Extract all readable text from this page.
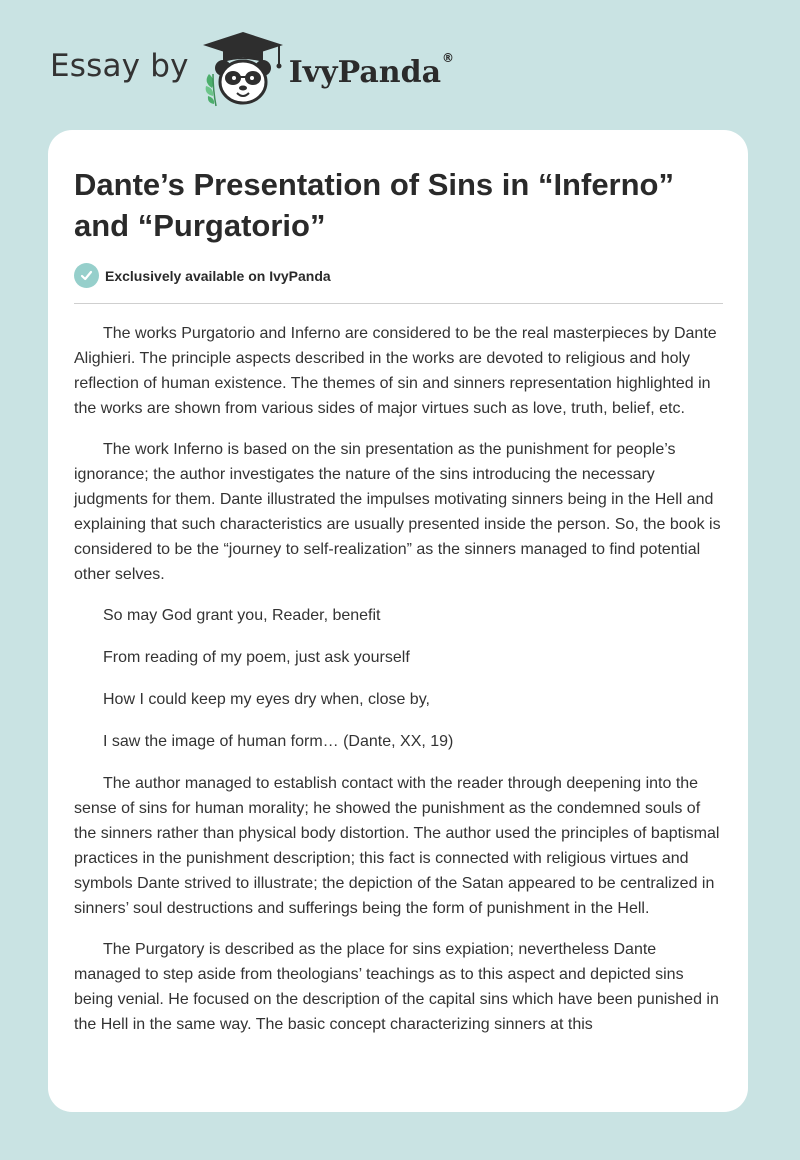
Essay by	IvyPanda®
Dante’s Presentation of Sins in “Inferno” and “Purgatorio”
Exclusively available on IvyPanda

The works Purgatorio and Inferno are considered to be the real masterpieces by Dante Alighieri. The principle aspects described in the works are devoted to religious and holy reflection of human existence. The themes of sin and sinners representation highlighted in the works are shown from various sides of major virtues such as love, truth, belief, etc.

The work Inferno is based on the sin presentation as the punishment for people’s ignorance; the author investigates the nature of the sins introducing the necessary judgments for them. Dante illustrated the impulses motivating sinners being in the Hell and explaining that such characteristics are usually presented inside the person. So, the book is considered to be the “journey to self-realization” as the sinners managed to find potential other selves.

So may God grant you, Reader, benefit

From reading of my poem, just ask yourself

How I could keep my eyes dry when, close by,

I saw the image of human form… (Dante, XX, 19)

The author managed to establish contact with the reader through deepening into the sense of sins for human morality; he showed the punishment as the condemned souls of the sinners rather than physical body distortion. The author used the principles of baptismal practices in the punishment description; this fact is connected with religious virtues and symbols Dante strived to illustrate; the depiction of the Satan appeared to be centralized in sinners’ soul destructions and sufferings being the form of punishment in the Hell.

The Purgatory is described as the place for sins expiation; nevertheless Dante managed to step aside from theologians’ teachings as to this aspect and depicted sins being venial. He focused on the description of the capital sins which have been punished in the Hell in the same way. The basic concept characterizing sinners at this
